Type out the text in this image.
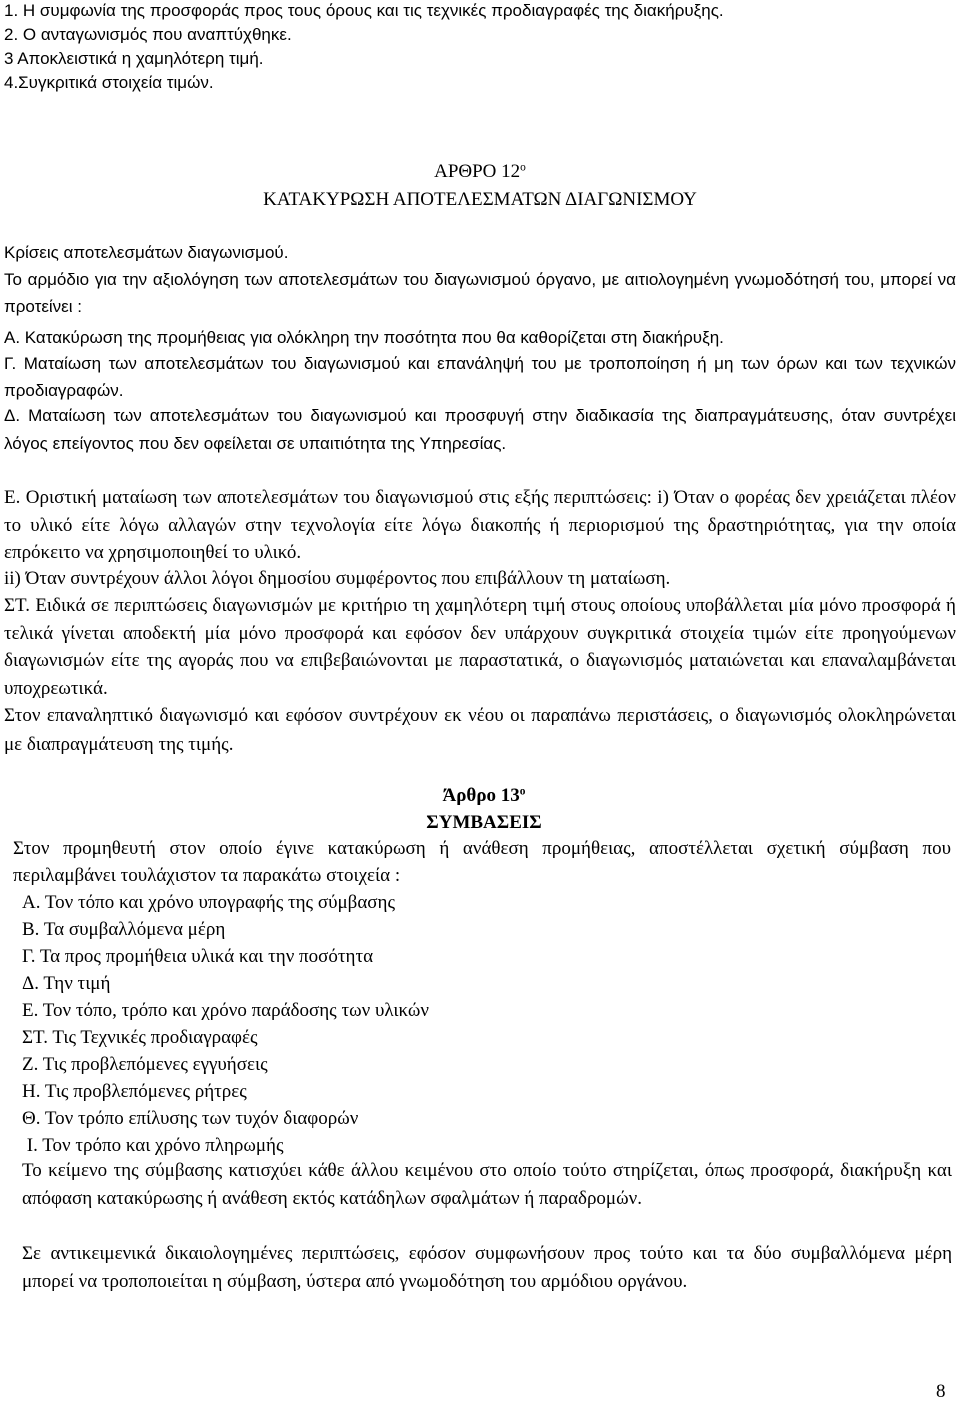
1. Η συμφωνία της προσφοράς προς τους όρους και τις τεχνικές προδιαγραφές της διακήρυξης.
2. Ο ανταγωνισμός που αναπτύχθηκε.
3 Αποκλειστικά η χαμηλότερη τιμή.
4.Συγκριτικά στοιχεία τιμών.
ΑΡΘΡΟ $12^o$
ΚΑΤΑΚΥΡΩΣΗ ΑΠΟΤΕΛΕΣΜΑΤΩΝ ΔΙΑΓΩΝΙΣΜΟΥ
Κρίσεις αποτελεσμάτων διαγωνισμού.

Το αρμόδιο για την αξιολόγηση των αποτελεσμάτων του διαγωνισμού όργανο, με αιτιολογημένη γνωμοδότησή του, μπορεί να προτείνει :

Α. Κατακύρωση της προμήθειας για ολόκληρη την ποσότητα που θα καθορίζεται στη διακήρυξη.

Γ. Ματαίωση των αποτελεσμάτων του διαγωνισμού και επανάληψή του με τροποποίηση ή μη των όρων και των τεχνικών προδιαγραφών.

Δ. Ματαίωση των αποτελεσμάτων του διαγωνισμού και προσφυγή στην διαδικασία της διαπραγμάτευσης, όταν συντρέχει λόγος επείγοντος που δεν οφείλεται σε υπαιτιότητα της Υπηρεσίας.

Ε. Οριστική ματαίωση των αποτελεσμάτων του διαγωνισμού στις εξής περιπτώσεις: i) Όταν ο φορέας δεν χρειάζεται πλέον το υλικό είτε λόγω αλλαγών στην τεχνολογία είτε λόγω διακοπής ή περιορισμού της δραστηριότητας, για την οποία επρόκειτο να χρησιμοποιηθεί το υλικό.

ii) Όταν συντρέχουν άλλοι λόγοι δημοσίου συμφέροντος που επιβάλλουν τη ματαίωση.

ΣΤ. Ειδικά σε περιπτώσεις διαγωνισμών με κριτήριο τη χαμηλότερη τιμή στους οποίους υποβάλλεται μία μόνο προσφορά ή τελικά γίνεται αποδεκτή μία μόνο προσφορά και εφόσον δεν υπάρχουν συγκριτικά στοιχεία τιμών είτε προηγούμενων διαγωνισμών είτε της αγοράς που να επιβεβαιώνονται με παραστατικά, ο διαγωνισμός ματαιώνεται και επαναλαμβάνεται υποχρεωτικά.

Στον επαναληπτικό διαγωνισμό και εφόσον συντρέχουν εκ νέου οι παραπάνω περιστάσεις, ο διαγωνισμός ολοκληρώνεται με διαπραγμάτευση της τιμής.

Άρθρο $13^o$
ΣΥΜΒΑΣΕΙΣ

Στον προμηθευτή στον οποίο έγινε κατακύρωση ή ανάθεση προμήθειας, αποστέλλεται σχετική σύμβαση που περιλαμβάνει τουλάχιστον τα παρακάτω στοιχεία :

Α. Τον τόπο και χρόνο υπογραφής της σύμβασης
Β. Τα συμβαλλόμενα μέρη
Γ. Τα προς προμήθεια υλικά και την ποσότητα
Δ. Την τιμή
Ε. Τον τόπο, τρόπο και χρόνο παράδοσης των υλικών
ΣΤ. Τις Τεχνικές προδιαγραφές
Ζ. Τις προβλεπόμενες εγγυήσεις
Η. Τις προβλεπόμενες ρήτρες
Θ. Τον τρόπο επίλυσης των τυχόν διαφορών
Ι. Τον τρόπο και χρόνο πληρωμής

Το κείμενο της σύμβασης κατισχύει κάθε άλλου κειμένου στο οποίο τούτο στηρίζεται, όπως προσφορά, διακήρυξη και απόφαση κατακύρωσης ή ανάθεση εκτός κατάδηλων σφαλμάτων ή παραδρομών.

Σε αντικειμενικά δικαιολογημένες περιπτώσεις, εφόσον συμφωνήσουν προς τούτο και τα δύο συμβαλλόμενα μέρη μπορεί να τροποποιείται η σύμβαση, ύστερα από γνωμοδότηση του αρμόδιου οργάνου.

8
